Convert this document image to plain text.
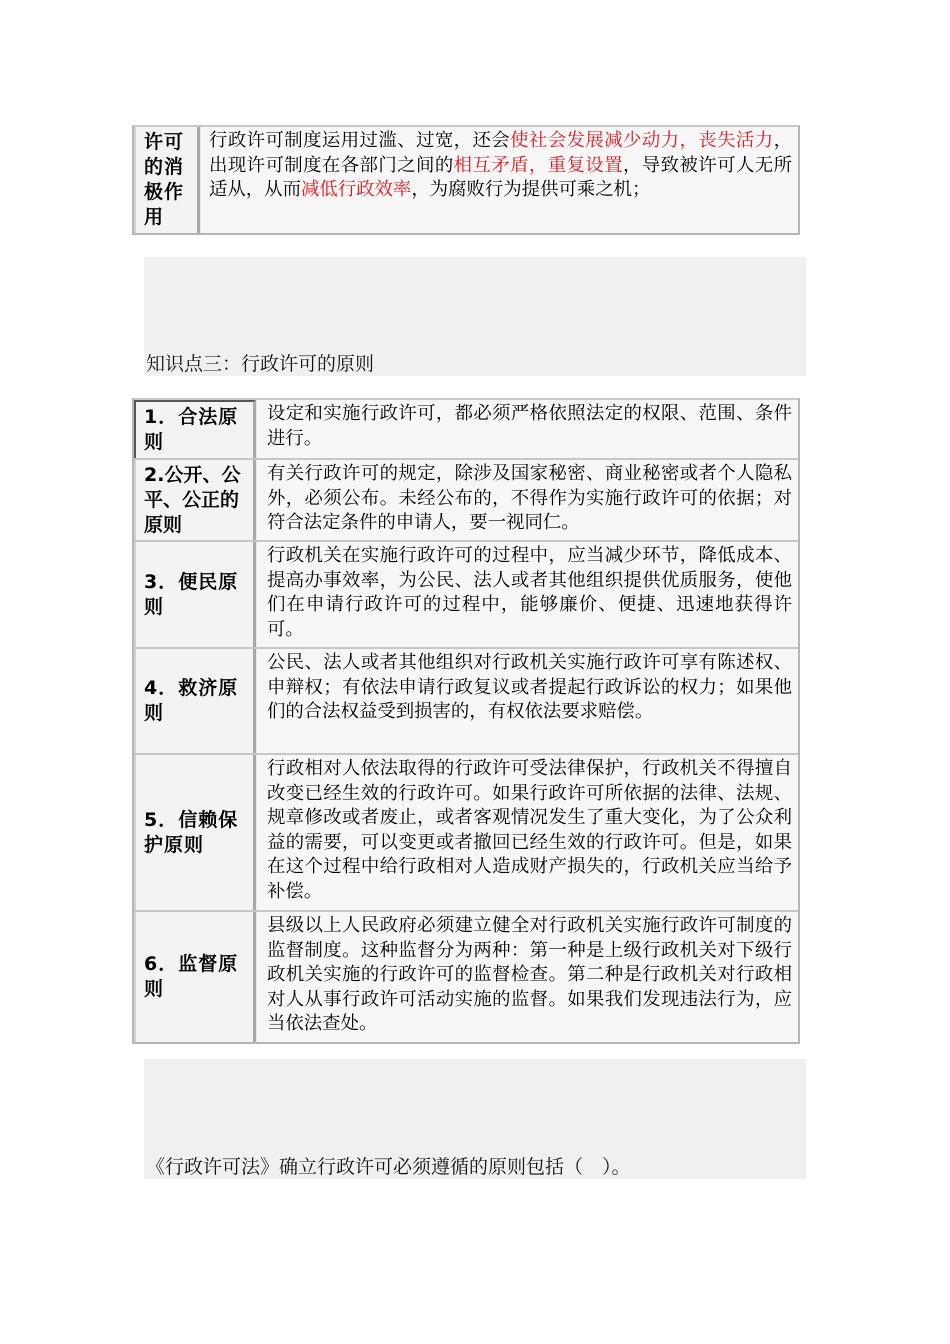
许可的消极作用
行政许可制度运用过滥、过宽，还会使社会发展减少动力，丧失活力，出现许可制度在各部门之间的相互矛盾，重复设置，导致被许可人无所适从，从而减低行政效率，为腐败行为提供可乘之机；
知识点三：行政许可的原则
1．合法原则
设定和实施行政许可，都必须严格依照法定的权限、范围、条件进行。
2.公开、公平、公正的原则
有关行政许可的规定，除涉及国家秘密、商业秘密或者个人隐私外，必须公布。未经公布的，不得作为实施行政许可的依据；对符合法定条件的申请人，要一视同仁。
3．便民原则
行政机关在实施行政许可的过程中，应当减少环节，降低成本、提高办事效率，为公民、法人或者其他组织提供优质服务，使他们在申请行政许可的过程中，能够廉价、便捷、迅速地获得许可。
4．救济原则
公民、法人或者其他组织对行政机关实施行政许可享有陈述权、申辩权；有依法申请行政复议或者提起行政诉讼的权力；如果他们的合法权益受到损害的，有权依法要求赔偿。
5．信赖保护原则
行政相对人依法取得的行政许可受法律保护，行政机关不得擅自改变已经生效的行政许可。如果行政许可所依据的法律、法规、规章修改或者废止，或者客观情况发生了重大变化，为了公众利益的需要，可以变更或者撤回已经生效的行政许可。但是，如果在这个过程中给行政相对人造成财产损失的，行政机关应当给予补偿。
6．监督原则
县级以上人民政府必须建立健全对行政机关实施行政许可制度的监督制度。这种监督分为两种：第一种是上级行政机关对下级行政机关实施的行政许可的监督检查。第二种是行政机关对行政相对人从事行政许可活动实施的监督。如果我们发现违法行为，应当依法查处。
《行政许可法》确立行政许可必须遵循的原则包括（　）。
